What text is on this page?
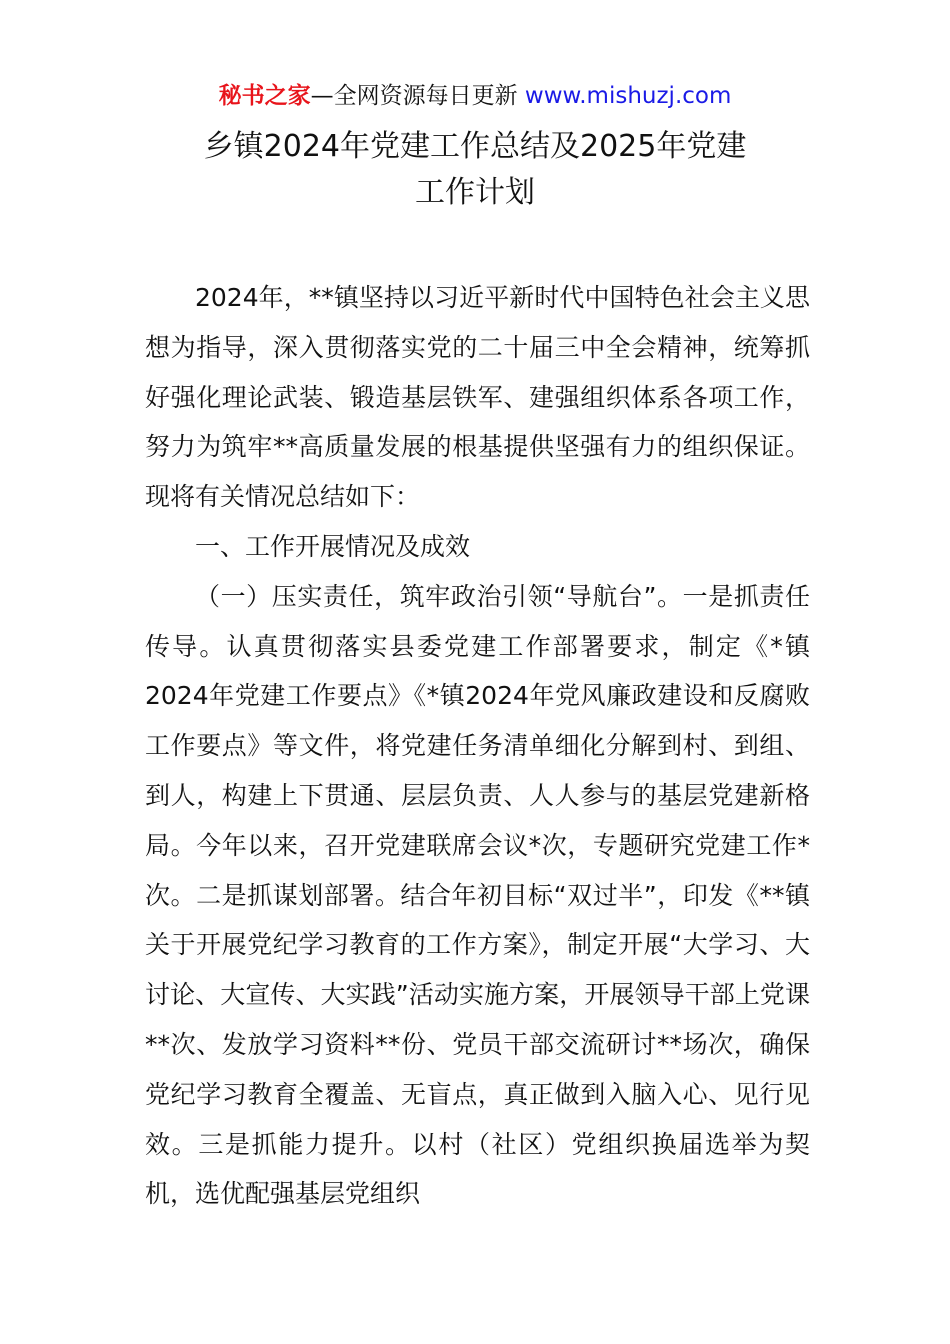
秘书之家—全网资源每日更新 www.mishuzj.com
乡镇2024年党建工作总结及2025年党建
工作计划

2024年，**镇坚持以习近平新时代中国特色社会主义思想为指导，深入贯彻落实党的二十届三中全会精神，统筹抓好强化理论武装、锻造基层铁军、建强组织体系各项工作，努力为筑牢**高质量发展的根基提供坚强有力的组织保证。现将有关情况总结如下：

一、工作开展情况及成效

（一）压实责任，筑牢政治引领“导航台”。一是抓责任传导。认真贯彻落实县委党建工作部署要求，制定《*镇2024年党建工作要点》《*镇2024年党风廉政建设和反腐败工作要点》等文件，将党建任务清单细化分解到村、到组、到人，构建上下贯通、层层负责、人人参与的基层党建新格局。今年以来，召开党建联席会议*次，专题研究党建工作*次。二是抓谋划部署。结合年初目标“双过半”，印发《**镇关于开展党纪学习教育的工作方案》，制定开展“大学习、大讨论、大宣传、大实践”活动实施方案，开展领导干部上党课**次、发放学习资料**份、党员干部交流研讨**场次，确保党纪学习教育全覆盖、无盲点，真正做到入脑入心、见行见效。三是抓能力提升。以村（社区）党组织换届选举为契机，选优配强基层党组织
